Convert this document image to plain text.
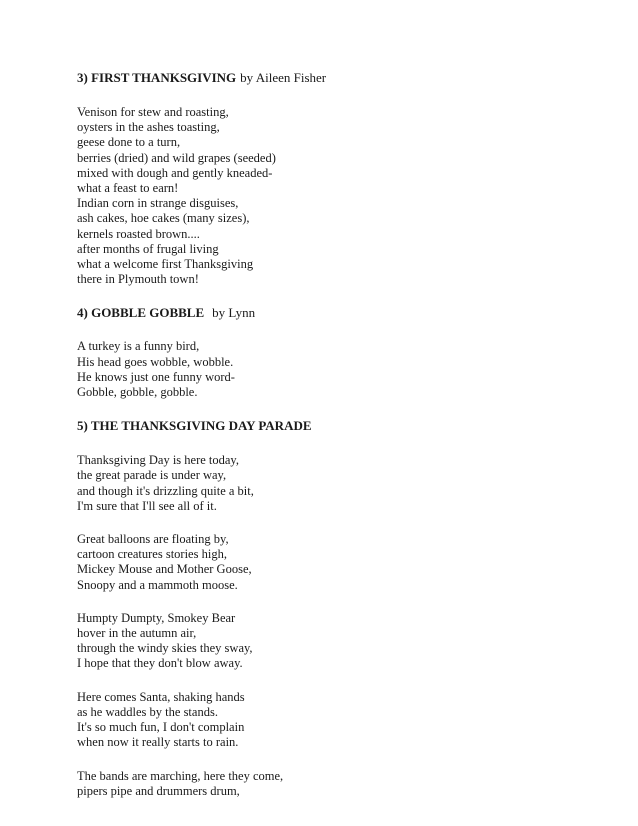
3) FIRST THANKSGIVING by Aileen Fisher

Venison for stew and roasting,
oysters in the ashes toasting,
geese done to a turn,
berries (dried) and wild grapes (seeded)
mixed with dough and gently kneaded-
what a feast to earn!
Indian corn in strange disguises,
ash cakes, hoe cakes (many sizes),
kernels roasted brown....
after months of frugal living
what a welcome first Thanksgiving
there in Plymouth town!

4) GOBBLE GOBBLE by Lynn

A turkey is a funny bird,
His head goes wobble, wobble.
He knows just one funny word-
Gobble, gobble, gobble.

5) THE THANKSGIVING DAY PARADE

Thanksgiving Day is here today,
the great parade is under way,
and though it's drizzling quite a bit,
I'm sure that I'll see all of it.

Great balloons are floating by,
cartoon creatures stories high,
Mickey Mouse and Mother Goose,
Snoopy and a mammoth moose.

Humpty Dumpty, Smokey Bear
hover in the autumn air,
through the windy skies they sway,
I hope that they don't blow away.

Here comes Santa, shaking hands
as he waddles by the stands.
It's so much fun, I don't complain
when now it really starts to rain.

The bands are marching, here they come,
pipers pipe and drummers drum,
